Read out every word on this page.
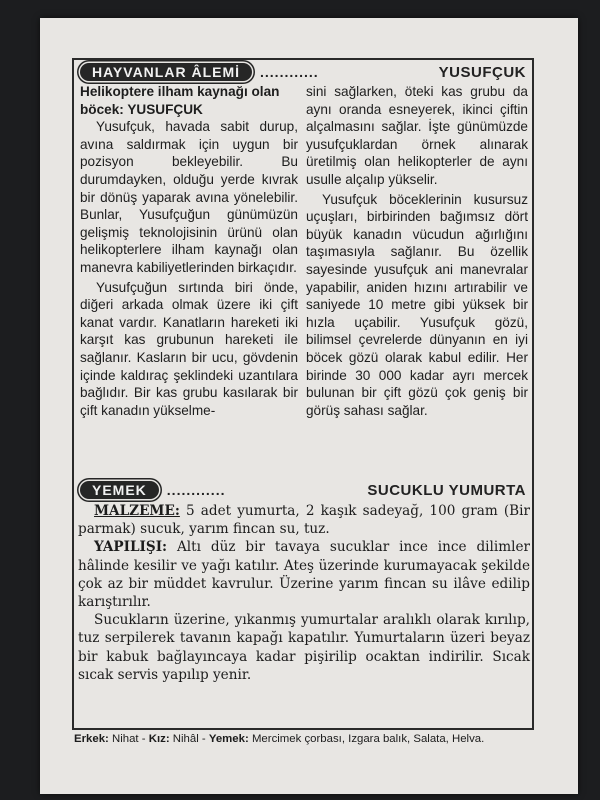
HAYVANLAR ÂLEMİ	............	YUSUFÇUK

Helikoptere ilham kaynağı olan böcek: YUSUFÇUK

Yusufçuk, havada sabit durup, avına saldırmak için uygun bir pozisyon bekleyebilir. Bu durumdayken, olduğu yerde kıvrak bir dönüş yaparak avına yönelebilir. Bunlar, Yusufçuğun günümüzün gelişmiş teknolojisinin ürünü olan helikopterlere ilham kaynağı olan manevra kabiliyetlerinden birkaçıdır.

Yusufçuğun sırtında biri önde, diğeri arkada olmak üzere iki çift kanat vardır. Kanatların hareketi iki karşıt kas grubunun hareketi ile sağlanır. Kasların bir ucu, gövdenin içinde kaldıraç şeklindeki uzantılara bağlıdır. Bir kas grubu kasılarak bir çift kanadın yükselme-

sini sağlarken, öteki kas grubu da aynı oranda esneyerek, ikinci çiftin alçalmasını sağlar. İşte günümüzde yusufçuklardan örnek alınarak üretilmiş olan helikopterler de aynı usulle alçalıp yükselir.

Yusufçuk böceklerinin kusursuz uçuşları, birbirinden bağımsız dört büyük kanadın vücudun ağırlığını taşımasıyla sağlanır. Bu özellik sayesinde yusufçuk ani manevralar yapabilir, aniden hızını artırabilir ve saniyede 10 metre gibi yüksek bir hızla uçabilir. Yusufçuk gözü, bilimsel çevrelerde dünyanın en iyi böcek gözü olarak kabul edilir. Her birinde 30 000 kadar ayrı mercek bulunan bir çift gözü çok geniş bir görüş sahası sağlar.

YEMEK	............	SUCUKLU YUMURTA

MALZEME: 5 adet yumurta, 2 kaşık sadeyağ, 100 gram (Bir parmak) sucuk, yarım fincan su, tuz.

YAPILIŞI: Altı düz bir tavaya sucuklar ince ince dilimler hâlinde kesilir ve yağı katılır. Ateş üzerinde kurumayacak şekilde çok az bir müddet kavrulur. Üzerine yarım fincan su ilâve edilip karıştırılır.

Sucukların üzerine, yıkanmış yumurtalar aralıklı olarak kırılıp, tuz serpilerek tavanın kapağı kapatılır. Yumurtaların üzeri beyaz bir kabuk bağlayıncaya kadar pişirilip ocaktan indirilir. Sıcak sıcak servis yapılıp yenir.

Erkek: Nihat - Kız: Nihâl - Yemek: Mercimek çorbası, Izgara balık, Salata, Helva.
